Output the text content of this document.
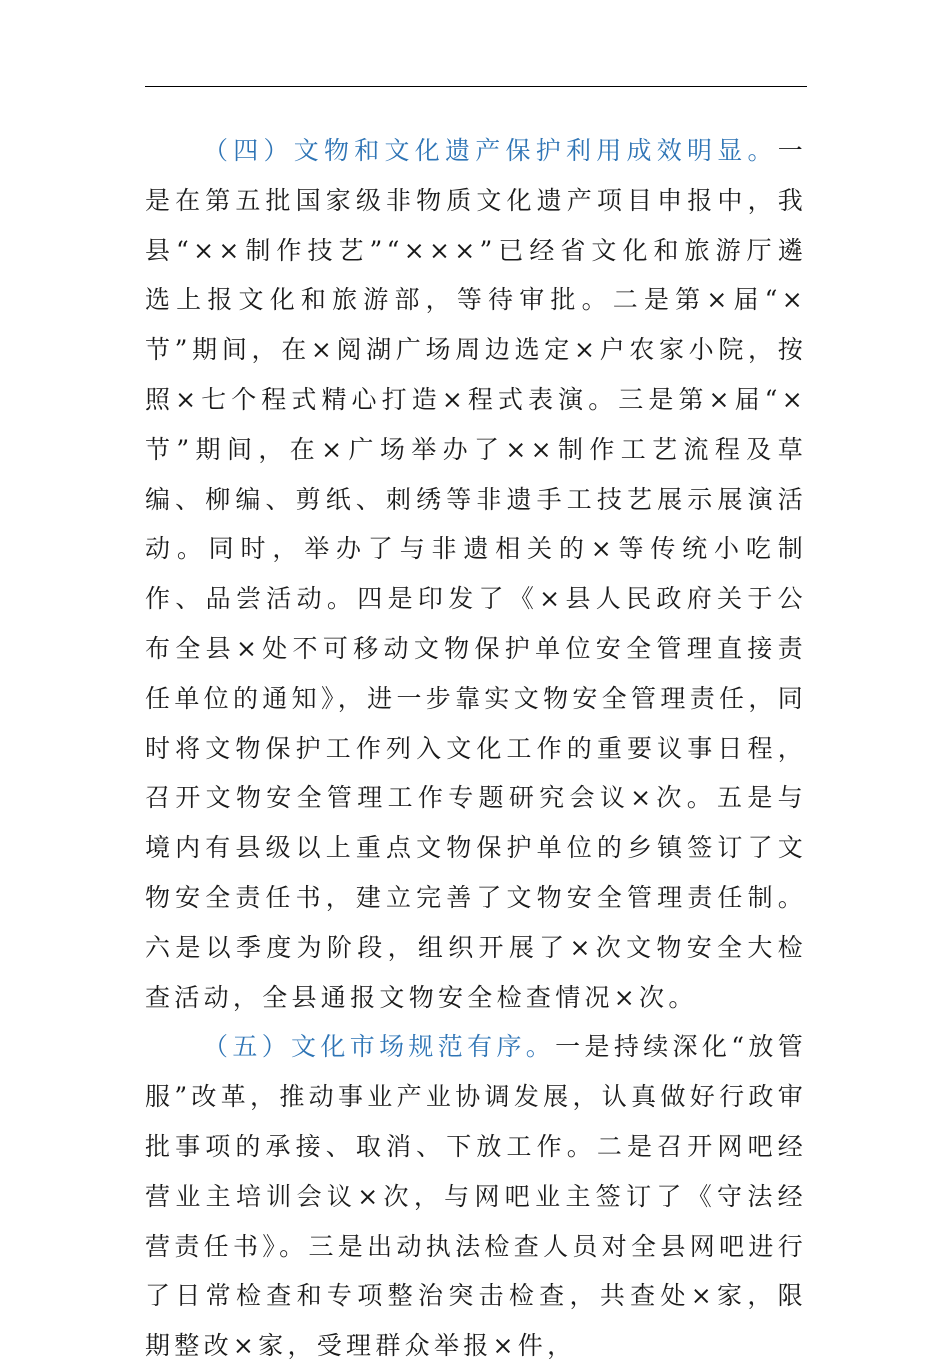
（四）文物和文化遗产保护利用成效明显。一是在第五批国家级非物质文化遗产项目申报中，我县“××制作技艺”“×××”已经省文化和旅游厅遴选上报文化和旅游部，等待审批。二是第×届“×节”期间，在×阅湖广场周边选定×户农家小院，按照×七个程式精心打造×程式表演。三是第×届“×节”期间，在×广场举办了××制作工艺流程及草编、柳编、剪纸、刺绣等非遗手工技艺展示展演活动。同时，举办了与非遗相关的×等传统小吃制作、品尝活动。四是印发了《×县人民政府关于公布全县×处不可移动文物保护单位安全管理直接责任单位的通知》，进一步靠实文物安全管理责任，同时将文物保护工作列入文化工作的重要议事日程，召开文物安全管理工作专题研究会议×次。五是与境内有县级以上重点文物保护单位的乡镇签订了文物安全责任书，建立完善了文物安全管理责任制。六是以季度为阶段，组织开展了×次文物安全大检查活动，全县通报文物安全检查情况×次。

（五）文化市场规范有序。一是持续深化“放管服”改革，推动事业产业协调发展，认真做好行政审批事项的承接、取消、下放工作。二是召开网吧经营业主培训会议×次，与网吧业主签订了《守法经营责任书》。三是出动执法检查人员对全县网吧进行了日常检查和专项整治突击检查，共查处×家，限期整改×家，受理群众举报×件，
